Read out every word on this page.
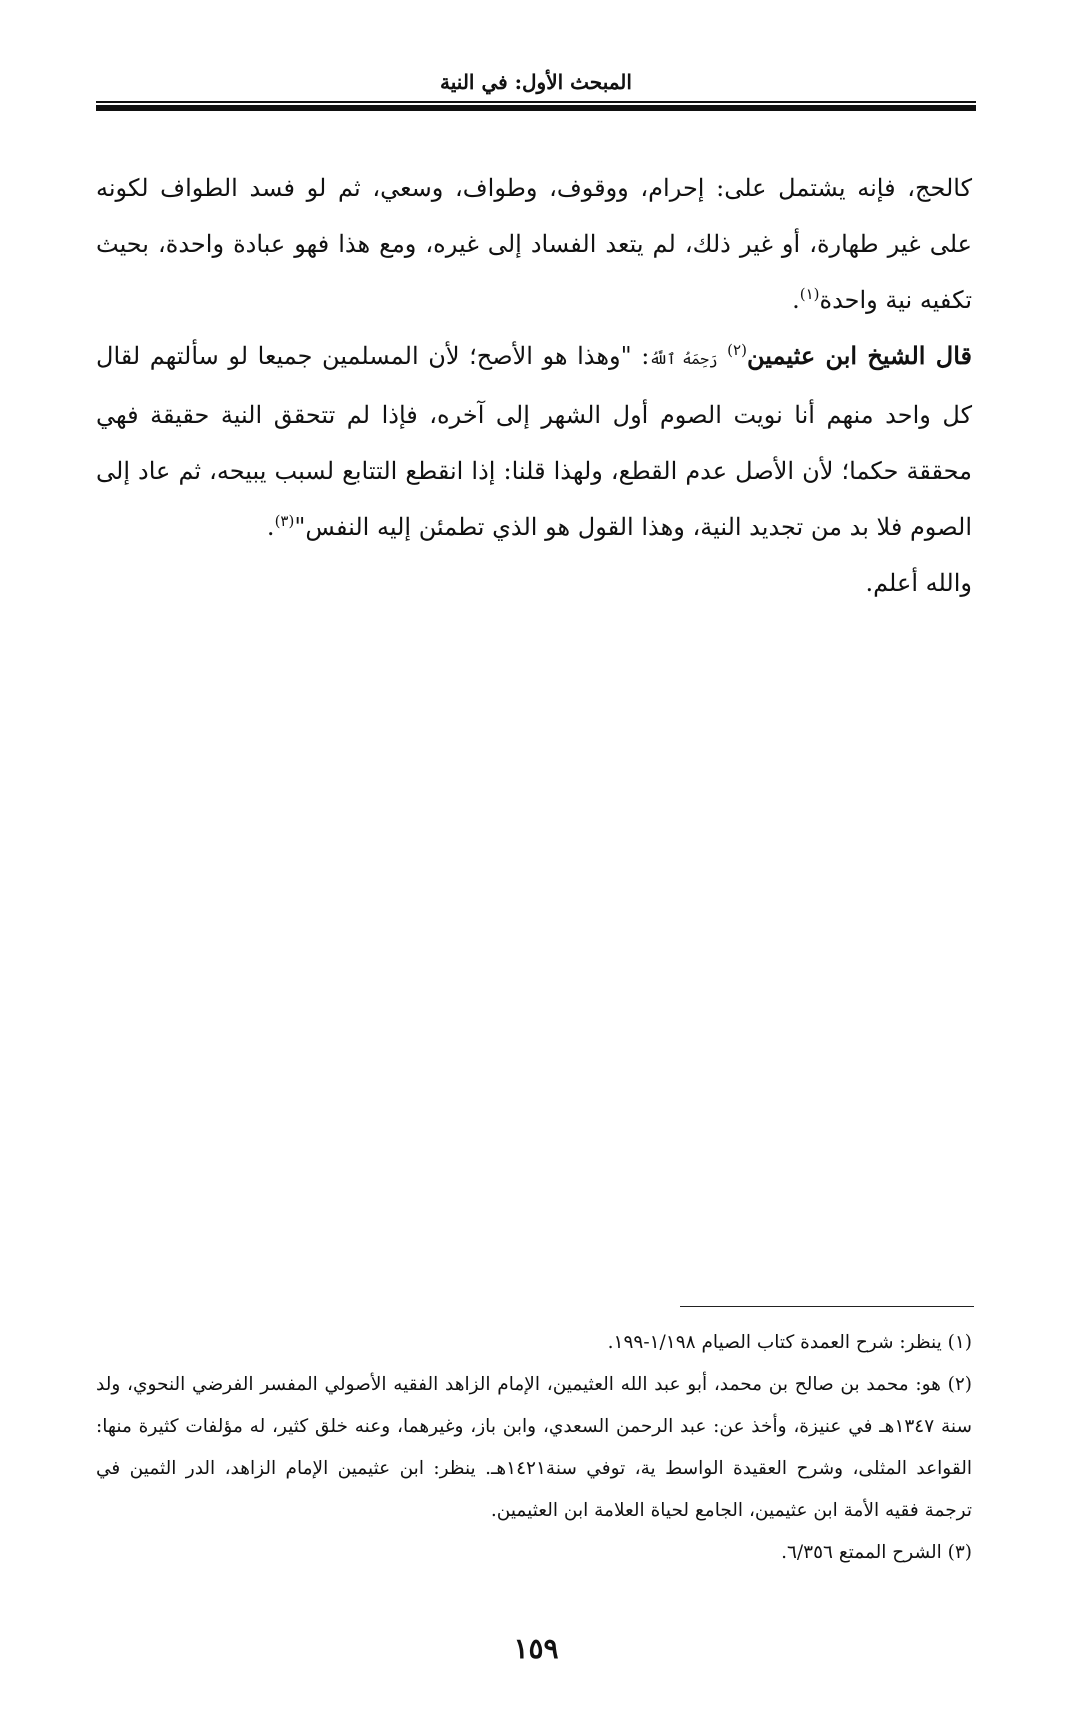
المبحث الأول: في النية

كالحج، فإنه يشتمل على: إحرام، ووقوف، وطواف، وسعي، ثم لو فسد الطواف لكونه على غير طهارة، أو غير ذلك، لم يتعد الفساد إلى غيره، ومع هذا فهو عبادة واحدة، بحيث تكفيه نية واحدة$^{(١)}$.

قال الشيخ ابن عثيمين$^{(٢)}$ رَحِمَهُ ٱللَّهُ: "وهذا هو الأصح؛ لأن المسلمين جميعا لو سألتهم لقال كل واحد منهم أنا نويت الصوم أول الشهر إلى آخره، فإذا لم تتحقق النية حقيقة فهي محققة حكما؛ لأن الأصل عدم القطع، ولهذا قلنا: إذا انقطع التتابع لسبب يبيحه، ثم عاد إلى الصوم فلا بد من تجديد النية، وهذا القول هو الذي تطمئن إليه النفس"$^{(٣)}$.

والله أعلم.

(١) ينظر: شرح العمدة كتاب الصيام ١/١٩٨-١٩٩.

(٢) هو: محمد بن صالح بن محمد، أبو عبد الله العثيمين، الإمام الزاهد الفقيه الأصولي المفسر الفرضي النحوي، ولد سنة ١٣٤٧هـ في عنيزة، وأخذ عن: عبد الرحمن السعدي، وابن باز، وغيرهما، وعنه خلق كثير، له مؤلفات كثيرة منها: القواعد المثلى، وشرح العقيدة الواسط ية، توفي سنة١٤٢١هـ. ينظر: ابن عثيمين الإمام الزاهد، الدر الثمين في ترجمة فقيه الأمة ابن عثيمين، الجامع لحياة العلامة ابن العثيمين.

(٣) الشرح الممتع ٦/٣٥٦.

١٥٩
